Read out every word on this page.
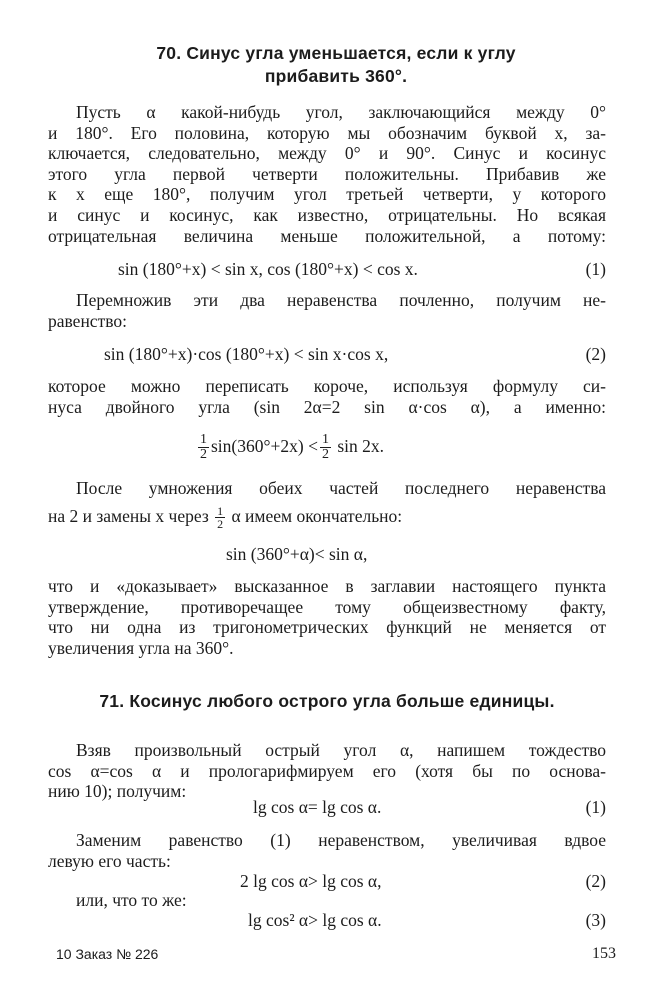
70. Синус угла уменьшается, если к углу
прибавить 360°.
Пусть α какой-нибудь угол, заключающийся между 0°
и 180°. Его половина, которую мы обозначим буквой x, за-
ключается, следовательно, между 0° и 90°. Синус и косинус
этого угла первой четверти положительны. Прибавив же
к x еще 180°, получим угол третьей четверти, у которого
и синус и косинус, как известно, отрицательны. Но всякая
отрицательная величина меньше положительной, а потому:
sin (180°+x) < sin x, cos (180°+x) < cos x.	(1)
Перемножив эти два неравенства почленно, получим не-
равенство:
sin (180°+x)·cos (180°+x) < sin x·cos x,	(2)
которое можно переписать короче, используя формулу си-
нуса двойного угла (sin 2α=2 sin α·cos α), а именно:
$\frac{1}{2} \sin(360^\circ+2x) < \frac{1}{2}$ sin 2x.
После умножения обеих частей последнего неравенства
на 2 и замены x через $\frac{1}{2}$ α имеем окончательно:
sin (360°+α)< sin α,
что и «доказывает» высказанное в заглавии настоящего пункта
утверждение, противоречащее тому общеизвестному факту,
что ни одна из тригонометрических функций не меняется от
увеличения угла на 360°.
71. Косинус любого острого угла больше единицы.
Взяв произвольный острый угол α, напишем тождество
cos α=cos α и прологарифмируем его (хотя бы по основа-
нию 10); получим:
lg cos α= lg cos α.	(1)
Заменим равенство (1) неравенством, увеличивая вдвое
левую его часть:
2 lg cos α> lg cos α,	(2)
или, что то же:
lg cos² α> lg cos α.	(3)
10 Заказ № 226	153
